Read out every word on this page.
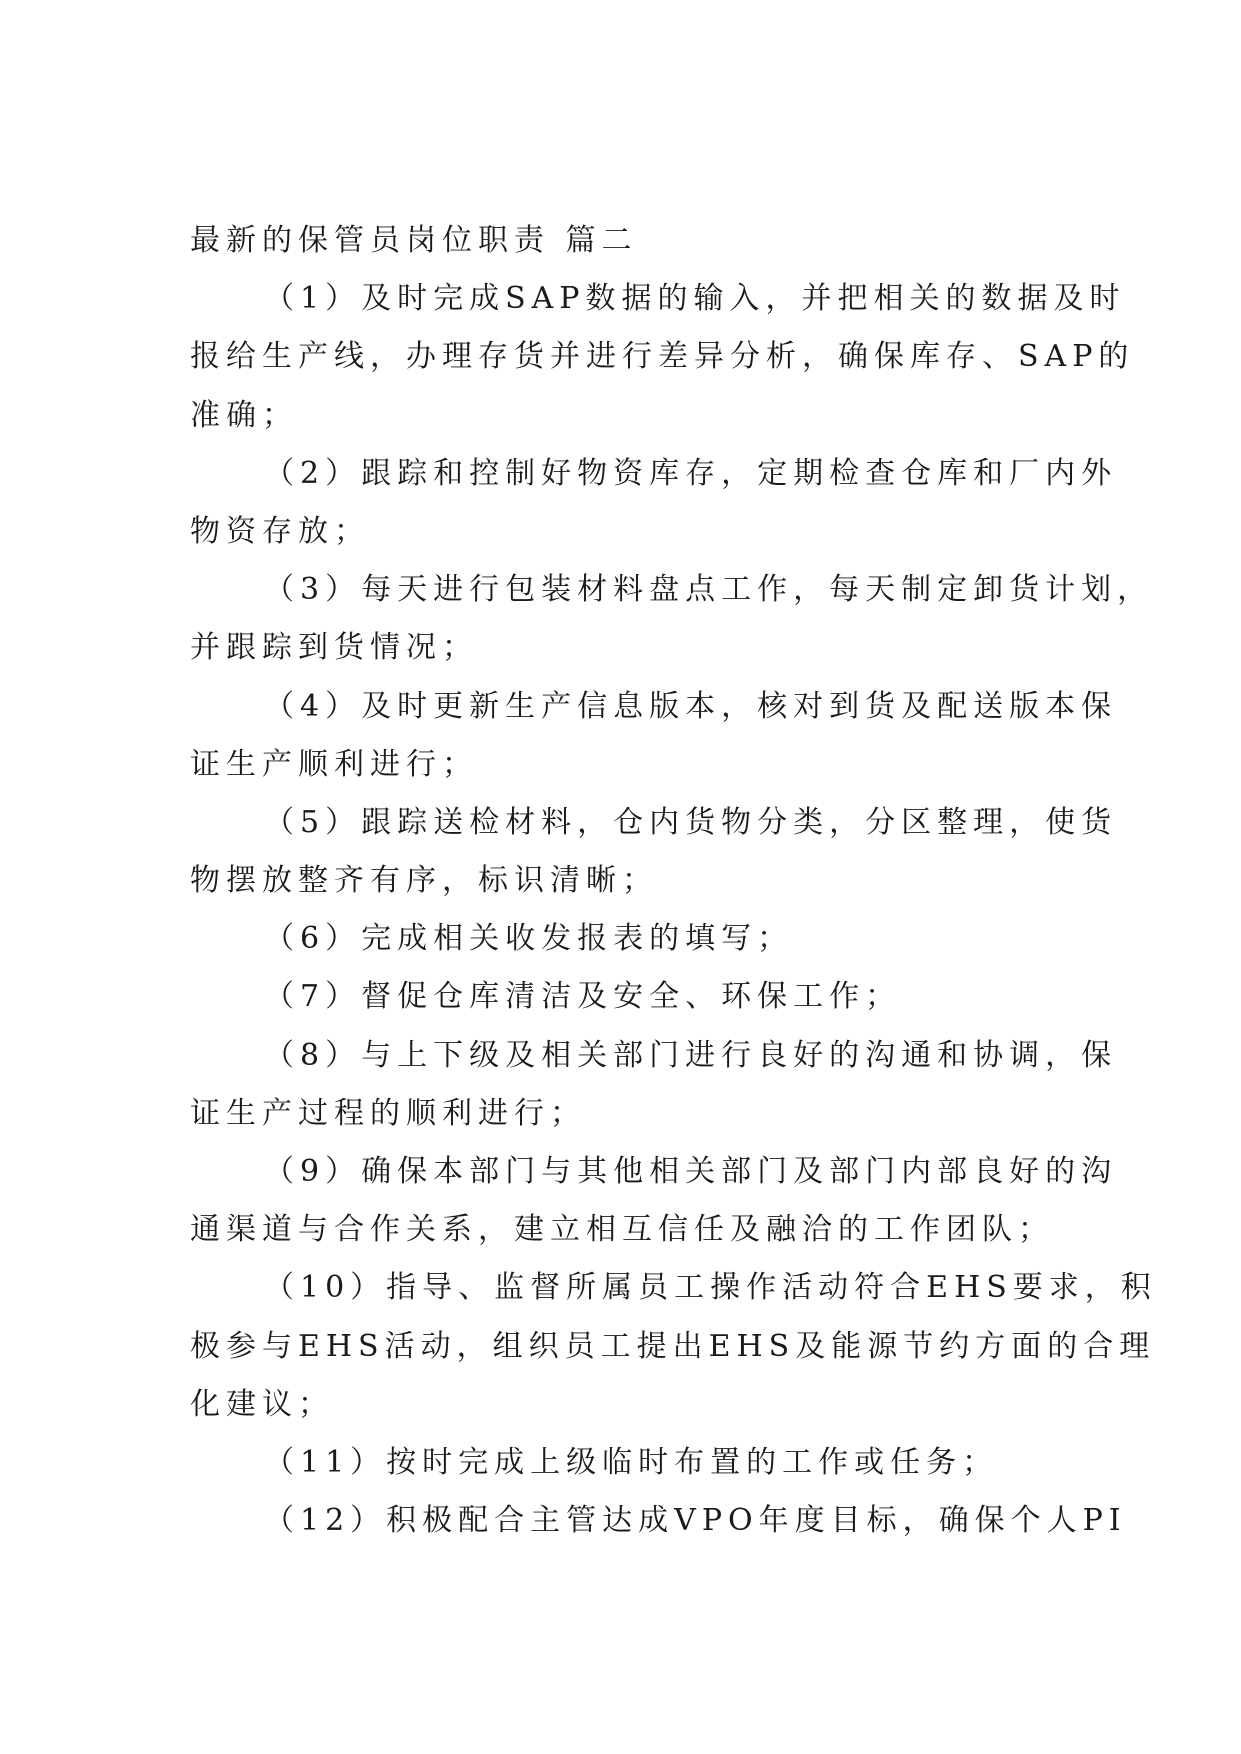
最新的保管员岗位职责 篇二
（1）及时完成SAP数据的输入，并把相关的数据及时
报给生产线，办理存货并进行差异分析，确保库存、SAP的
准确；
（2）跟踪和控制好物资库存，定期检查仓库和厂内外
物资存放；
（3）每天进行包装材料盘点工作，每天制定卸货计划，
并跟踪到货情况；
（4）及时更新生产信息版本，核对到货及配送版本保
证生产顺利进行；
（5）跟踪送检材料，仓内货物分类，分区整理，使货
物摆放整齐有序，标识清晰；
（6）完成相关收发报表的填写；
（7）督促仓库清洁及安全、环保工作；
（8）与上下级及相关部门进行良好的沟通和协调，保
证生产过程的顺利进行；
（9）确保本部门与其他相关部门及部门内部良好的沟
通渠道与合作关系，建立相互信任及融洽的工作团队；
（10）指导、监督所属员工操作活动符合EHS要求，积
极参与EHS活动，组织员工提出EHS及能源节约方面的合理
化建议；
（11）按时完成上级临时布置的工作或任务；
（12）积极配合主管达成VPO年度目标，确保个人PI
